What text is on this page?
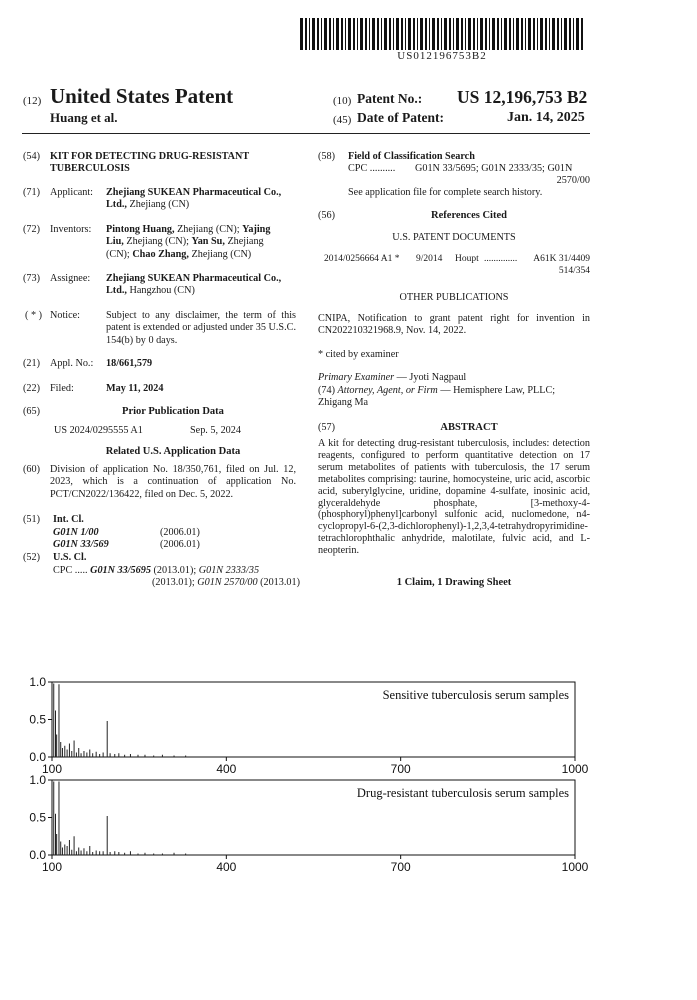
US012196753B2
(12) United States Patent
Huang et al.
(10) Patent No.: US 12,196,753 B2
(45) Date of Patent:	Jan. 14, 2025
(54) KIT FOR DETECTING DRUG-RESISTANT TUBERCULOSIS
(71) Applicant: Zhejiang SUKEAN Pharmaceutical Co., Ltd., Zhejiang (CN)
(72) Inventors: Pintong Huang, Zhejiang (CN); Yajing
Liu, Zhejiang (CN); Yan Su, Zhejiang
(CN); Chao Zhang, Zhejiang (CN)
(73) Assignee: Zhejiang SUKEAN Pharmaceutical Co., Ltd., Hangzhou (CN)
( * ) Notice:	Subject to any disclaimer, the term of this patent is extended or adjusted under 35 U.S.C. 154(b) by 0 days.
(21) Appl. No.: 18/661,579
(22) Filed:	May 11, 2024
(65)	Prior Publication Data
US 2024/0295555 A1	Sep. 5, 2024
Related U.S. Application Data
(60) Division of application No. 18/350,761, filed on Jul. 12, 2023, which is a continuation of application No. PCT/CN2022/136422, filed on Dec. 5, 2022.
(51) Int. Cl.
G01N 1/00	(2006.01)
G01N 33/569	(2006.01)
(52) U.S. Cl.
CPC ..... G01N 33/5695 (2013.01); G01N 2333/35
(2013.01); G01N 2570/00 (2013.01)
(58) Field of Classification Search
CPC .......... G01N 33/5695; G01N 2333/35; G01N
2570/00
See application file for complete search history.
(56)	References Cited
U.S. PATENT DOCUMENTS
2014/0256664 A1 * 9/2014 Houpt ..............	A61K 31/4409
514/354
OTHER PUBLICATIONS
CNIPA, Notification to grant patent right for invention in CN202210321968.9, Nov. 14, 2022.
* cited by examiner
Primary Examiner — Jyoti Nagpaul
(74) Attorney, Agent, or Firm — Hemisphere Law, PLLC; Zhigang Ma
(57)	ABSTRACT
A kit for detecting drug-resistant tuberculosis, includes: detection reagents, configured to perform quantitative detection on 17 serum metabolites of patients with tuberculosis, the 17 serum metabolites comprising: taurine, homocysteine, uric acid, ascorbic acid, suberylglycine, uridine, dopamine 4-sulfate, inosinic acid, glyceraldehyde phosphate, [3-methoxy-4-(phosphoryl)phenyl]carbonyl sulfonic acid, nuclomedone, n4-cyclopropyl-6-(2,3-dichlorophenyl)-1,2,3,4-tetrahydropyrimidine-tetrachlorophthalic anhydride, malotilate, fulvic acid, and L-neopterin.
1 Claim, 1 Drawing Sheet
0.0
0.5
1.0
100	400	700	1000
Sensitive tuberculosis serum samples
0.0
0.5
1.0
100	400	700	1000
Drug-resistant tuberculosis serum samples
